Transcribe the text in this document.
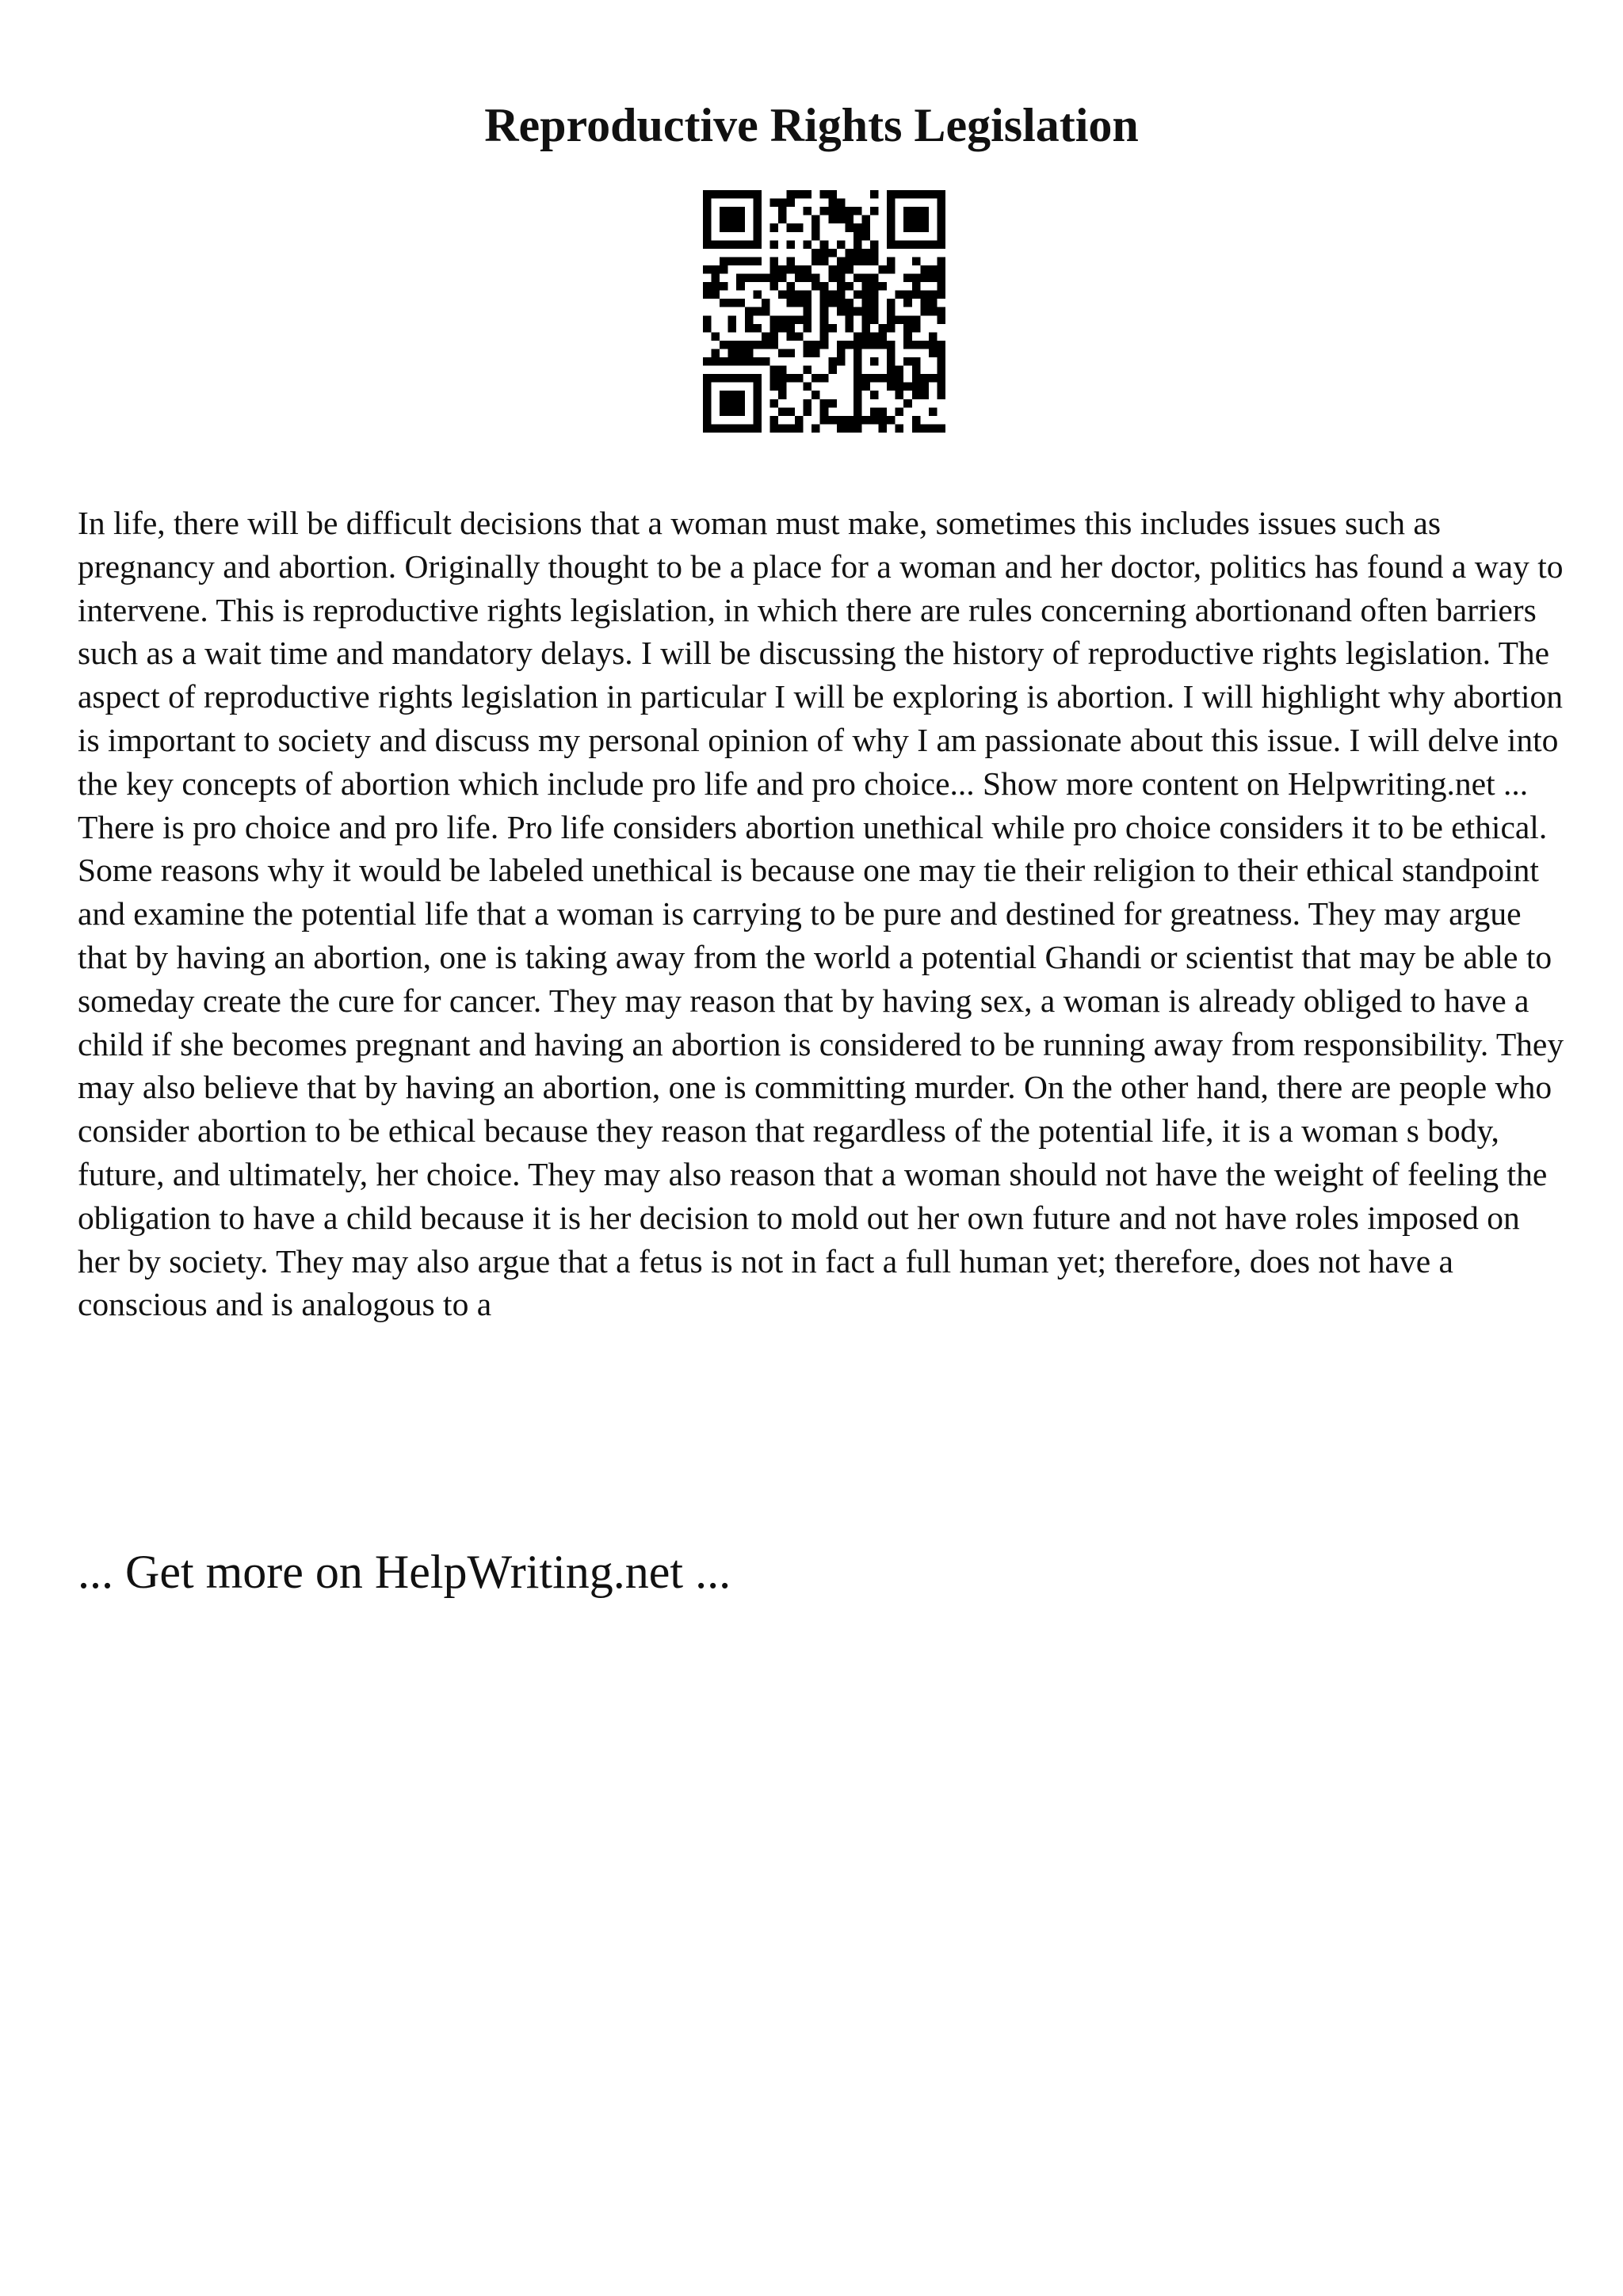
Reproductive Rights Legislation

In life, there will be difficult decisions that a woman must make, sometimes this includes issues such as pregnancy and abortion. Originally thought to be a place for a woman and her doctor, politics has found a way to intervene. This is reproductive rights legislation, in which there are rules concerning abortionand often barriers such as a wait time and mandatory delays. I will be discussing the history of reproductive rights legislation. The aspect of reproductive rights legislation in particular I will be exploring is abortion. I will highlight why abortion is important to society and discuss my personal opinion of why I am passionate about this issue. I will delve into the key concepts of abortion which include pro life and pro choice... Show more content on Helpwriting.net ...

There is pro choice and pro life. Pro life considers abortion unethical while pro choice considers it to be ethical. Some reasons why it would be labeled unethical is because one may tie their religion to their ethical standpoint and examine the potential life that a woman is carrying to be pure and destined for greatness. They may argue that by having an abortion, one is taking away from the world a potential Ghandi or scientist that may be able to someday create the cure for cancer. They may reason that by having sex, a woman is already obliged to have a child if she becomes pregnant and having an abortion is considered to be running away from responsibility. They may also believe that by having an abortion, one is committing murder. On the other hand, there are people who consider abortion to be ethical because they reason that regardless of the potential life, it is a woman s body, future, and ultimately, her choice. They may also reason that a woman should not have the weight of feeling the obligation to have a child because it is her decision to mold out her own future and not have roles imposed on her by society. They may also argue that a fetus is not in fact a full human yet; therefore, does not have a conscious and is analogous to a

... Get more on HelpWriting.net ...
